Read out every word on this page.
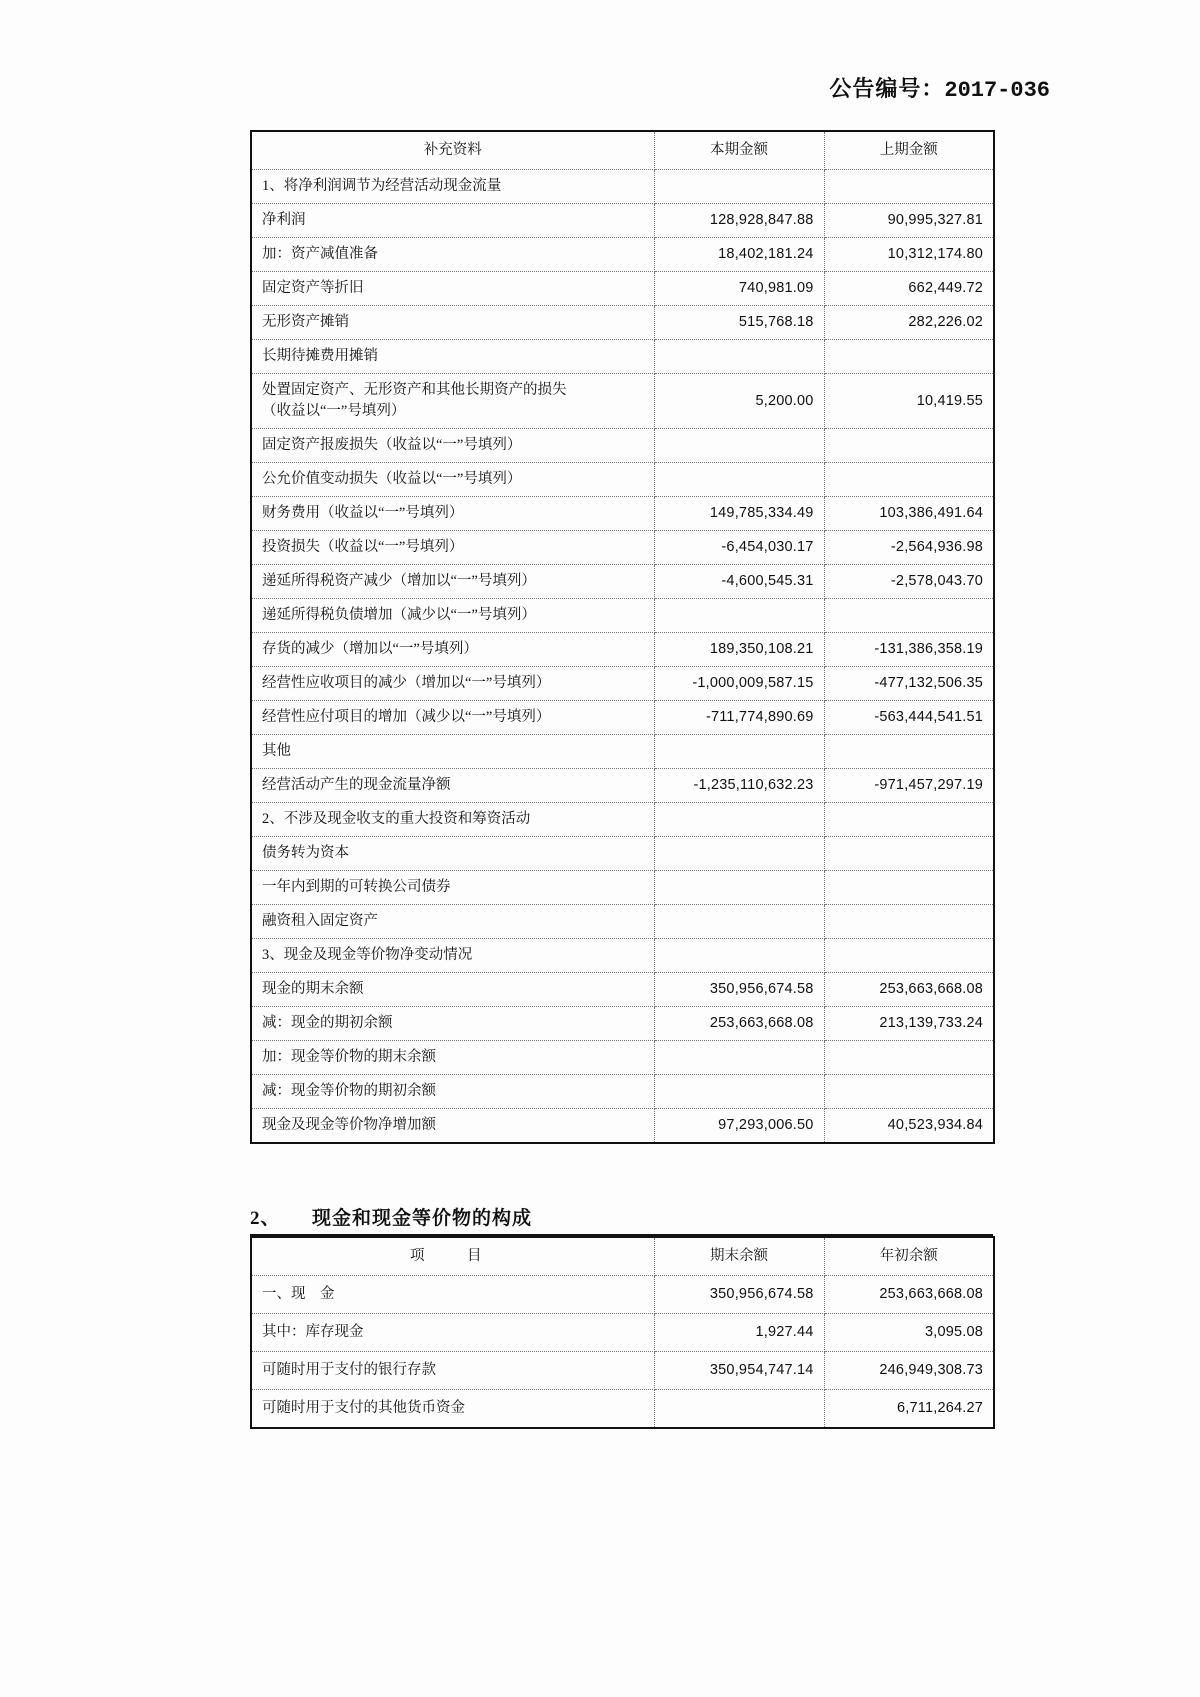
公告编号：2017-036
补充资料	本期金额	上期金额
1、将净利润调节为经营活动现金流量		
净利润	128,928,847.88	90,995,327.81
加：资产减值准备	18,402,181.24	10,312,174.80
固定资产等折旧	740,981.09	662,449.72
无形资产摊销	515,768.18	282,226.02
长期待摊费用摊销		
处置固定资产、无形资产和其他长期资产的损失
（收益以“一”号填列）	5,200.00	10,419.55
固定资产报废损失（收益以“一”号填列）		
公允价值变动损失（收益以“一”号填列）		
财务费用（收益以“一”号填列）	149,785,334.49	103,386,491.64
投资损失（收益以“一”号填列）	-6,454,030.17	-2,564,936.98
递延所得税资产减少（增加以“一”号填列）	-4,600,545.31	-2,578,043.70
递延所得税负债增加（减少以“一”号填列）		
存货的减少（增加以“一”号填列）	189,350,108.21	-131,386,358.19
经营性应收项目的减少（增加以“一”号填列）	-1,000,009,587.15	-477,132,506.35
经营性应付项目的增加（减少以“一”号填列）	-711,774,890.69	-563,444,541.51
其他		
经营活动产生的现金流量净额	-1,235,110,632.23	-971,457,297.19
2、不涉及现金收支的重大投资和筹资活动		
债务转为资本		
一年内到期的可转换公司债券		
融资租入固定资产		
3、现金及现金等价物净变动情况		
现金的期末余额	350,956,674.58	253,663,668.08
减：现金的期初余额	253,663,668.08	213,139,733.24
加：现金等价物的期末余额		
减：现金等价物的期初余额		
现金及现金等价物净增加额	97,293,006.50	40,523,934.84
2、 现金和现金等价物的构成
项　目	期末余额	年初余额
一、现　金	350,956,674.58	253,663,668.08
其中：库存现金	1,927.44	3,095.08
可随时用于支付的银行存款	350,954,747.14	246,949,308.73
可随时用于支付的其他货币资金		6,711,264.27
